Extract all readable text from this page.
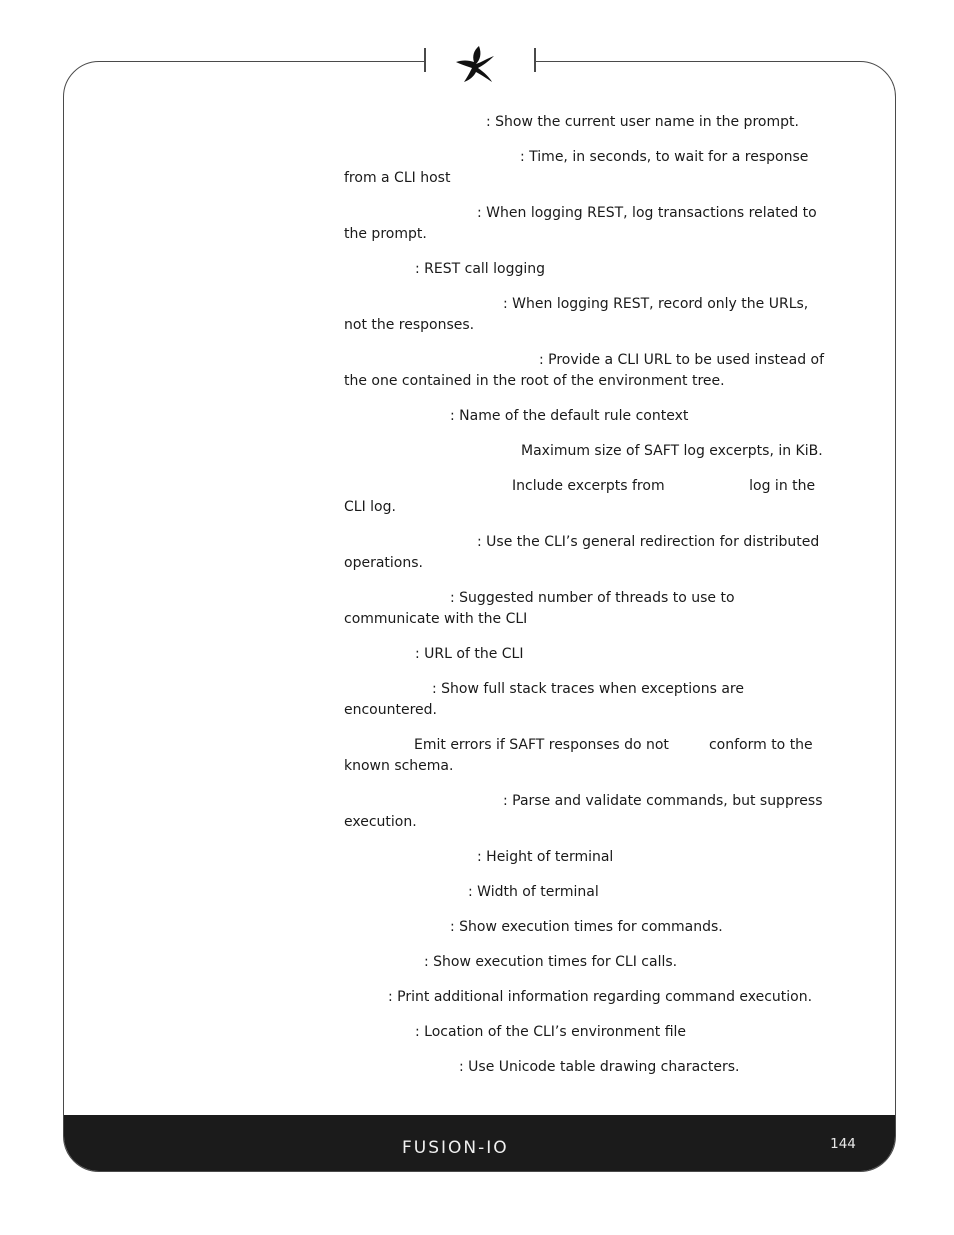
: Show the current user name in the prompt.
: Time, in seconds, to wait for a response from a CLI host
: When logging REST, log transactions related to the prompt.
: REST call logging
: When logging REST, record only the URLs, not the responses.
: Provide a CLI URL to be used instead of the one contained in the root of the environment tree.
: Name of the default rule context
Maximum size of SAFT log excerpts, in KiB.
Include excerpts from                   log in the CLI log.
: Use the CLI’s general redirection for distributed operations.
: Suggested number of threads to use to communicate with the CLI
: URL of the CLI
: Show full stack traces when exceptions are encountered.
Emit errors if SAFT responses do not         conform to the known schema.
: Parse and validate commands, but suppress execution.
: Height of terminal
: Width of terminal
: Show execution times for commands.
: Show execution times for CLI calls.
: Print additional information regarding command execution.
: Location of the CLI’s environment file
: Use Unicode table drawing characters.
FUSION-IO	144
